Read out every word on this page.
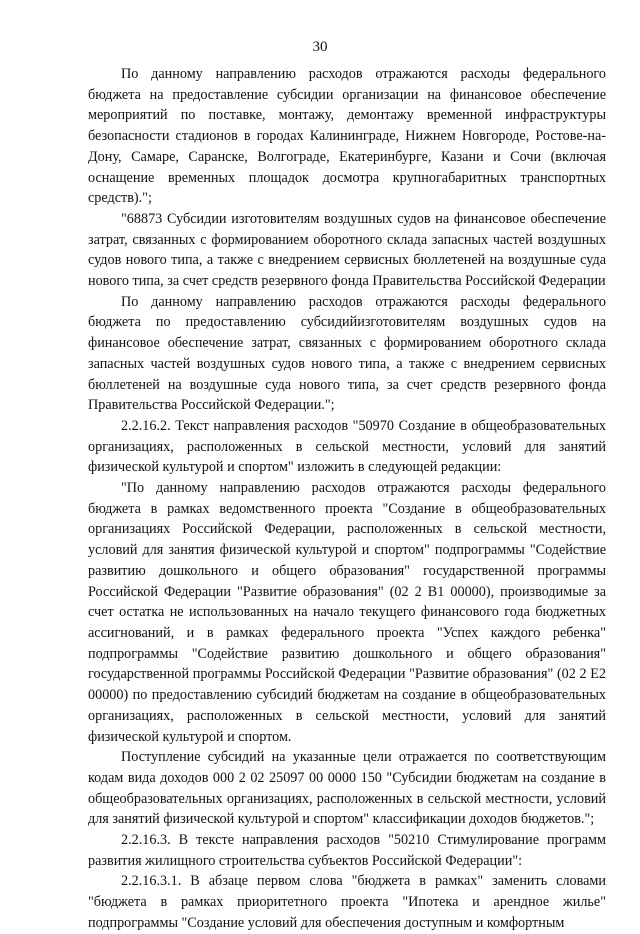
30

По данному направлению расходов отражаются расходы федерального бюджета на предоставление субсидии организации на финансовое обеспечение мероприятий по поставке, монтажу, демонтажу временной инфраструктуры безопасности стадионов в городах Калининграде, Нижнем Новгороде, Ростове-на-Дону, Самаре, Саранске, Волгограде, Екатеринбурге, Казани и Сочи (включая оснащение временных площадок досмотра крупногабаритных транспортных средств).";

"68873 Субсидии изготовителям воздушных судов на финансовое обеспечение затрат, связанных с формированием оборотного склада запасных частей воздушных судов нового типа, а также с внедрением сервисных бюллетеней на воздушные суда нового типа, за счет средств резервного фонда Правительства Российской Федерации

По данному направлению расходов отражаются расходы федерального бюджета по предоставлению субсидийизготовителям воздушных судов на финансовое обеспечение затрат, связанных с формированием оборотного склада запасных частей воздушных судов нового типа, а также с внедрением сервисных бюллетеней на воздушные суда нового типа, за счет средств резервного фонда Правительства Российской Федерации.";

2.2.16.2. Текст направления расходов "50970 Создание в общеобразовательных организациях, расположенных в сельской местности, условий для занятий физической культурой и спортом" изложить в следующей редакции:

"По данному направлению расходов отражаются расходы федерального бюджета в рамках ведомственного проекта "Создание в общеобразовательных организациях Российской Федерации, расположенных в сельской местности, условий для занятия физической культурой и спортом" подпрограммы "Содействие развитию дошкольного и общего образования" государственной программы Российской Федерации "Развитие образования" (02 2 В1 00000), производимые за счет остатка не использованных на начало текущего финансового года бюджетных ассигнований, и в рамках федерального проекта "Успех каждого ребенка" подпрограммы "Содействие развитию дошкольного и общего образования" государственной программы Российской Федерации "Развитие образования" (02 2 Е2 00000) по предоставлению субсидий бюджетам на создание в общеобразовательных организациях, расположенных в сельской местности, условий для занятий физической культурой и спортом.

Поступление субсидий на указанные цели отражается по соответствующим кодам вида доходов 000 2 02 25097 00 0000 150 "Субсидии бюджетам на создание в общеобразовательных организациях, расположенных в сельской местности, условий для занятий физической культурой и спортом" классификации доходов бюджетов.";

2.2.16.3. В тексте направления расходов "50210 Стимулирование программ развития жилищного строительства субъектов Российской Федерации":

2.2.16.3.1. В абзаце первом слова "бюджета в рамках" заменить словами "бюджета в рамках приоритетного проекта "Ипотека и арендное жилье" подпрограммы "Создание условий для обеспечения доступным и комфортным
